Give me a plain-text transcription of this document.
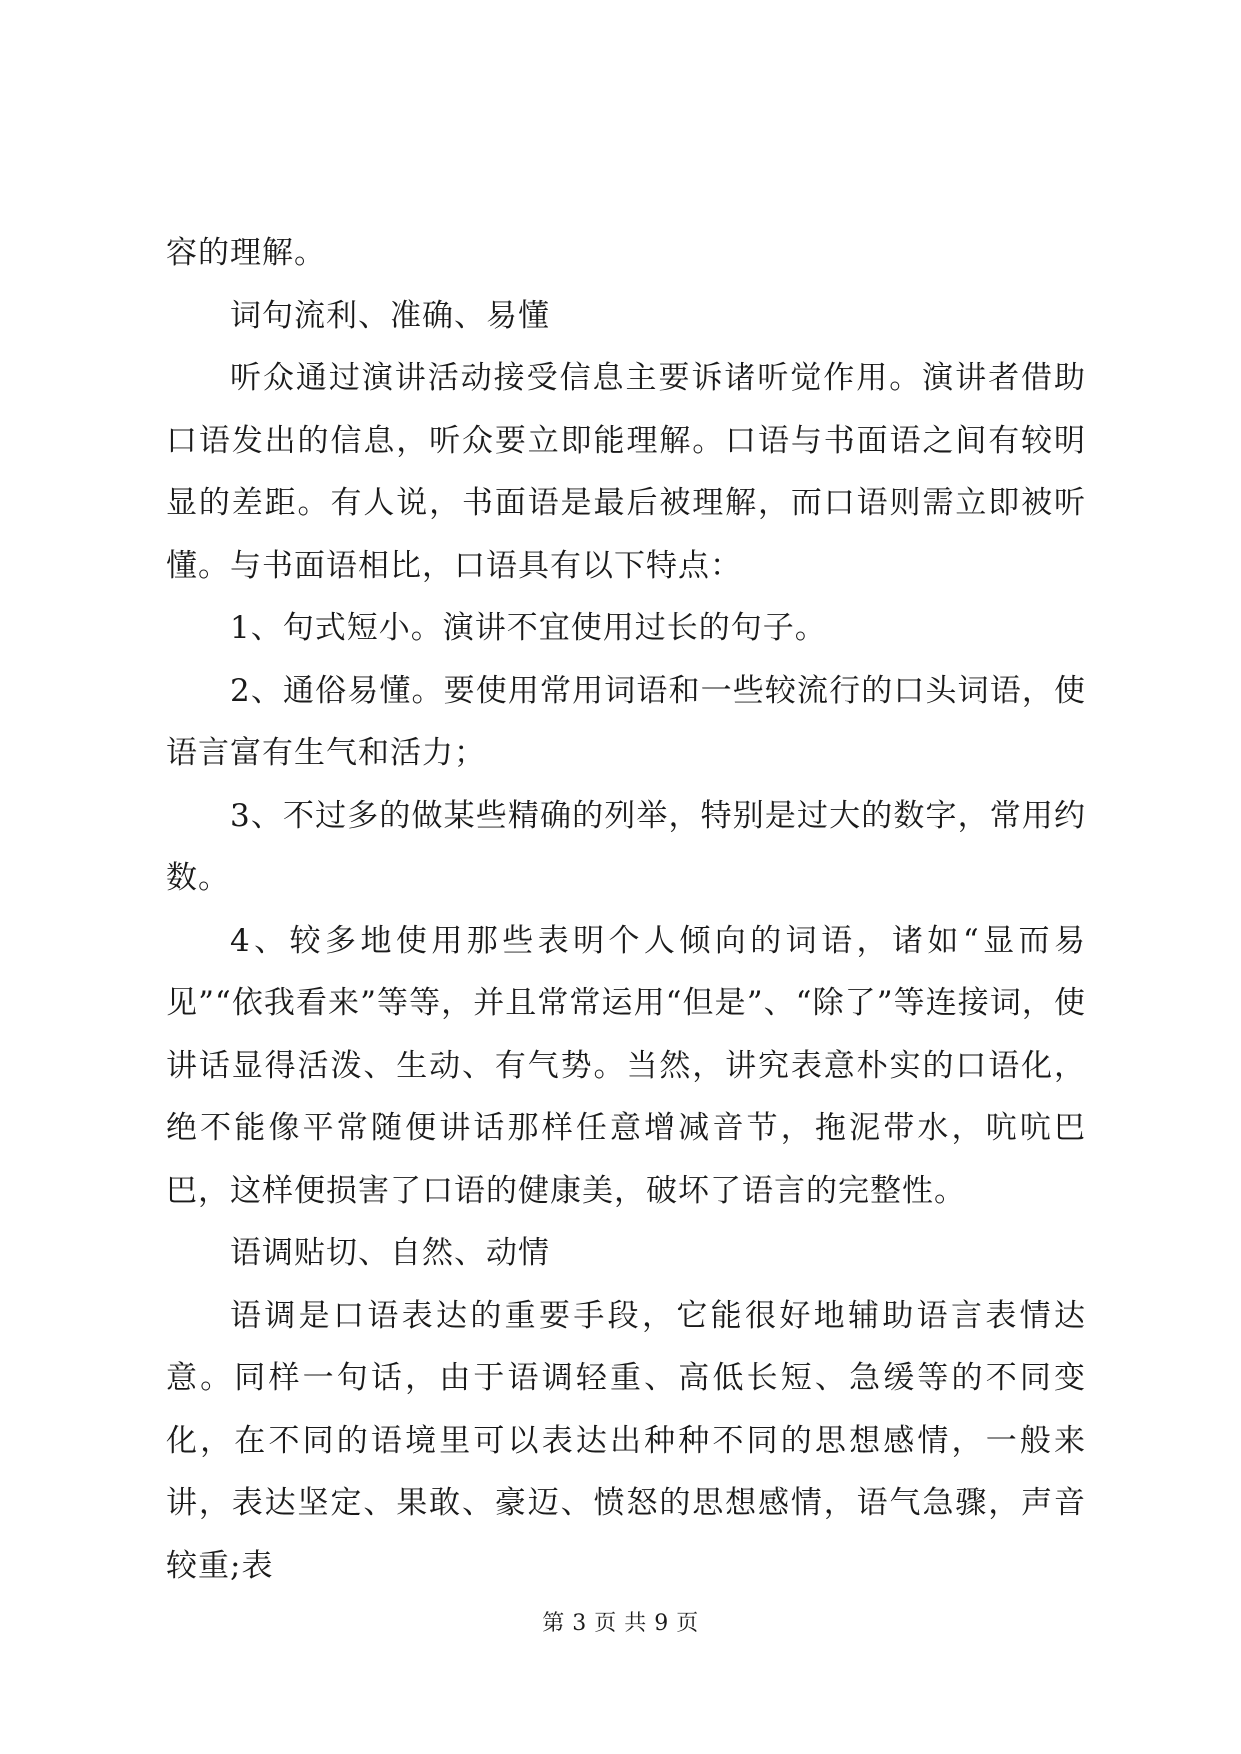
容的理解。

词句流利、准确、易懂

听众通过演讲活动接受信息主要诉诸听觉作用。演讲者借助口语发出的信息，听众要立即能理解。口语与书面语之间有较明显的差距。有人说，书面语是最后被理解，而口语则需立即被听懂。与书面语相比，口语具有以下特点：

1、句式短小。演讲不宜使用过长的句子。

2、通俗易懂。要使用常用词语和一些较流行的口头词语，使语言富有生气和活力；

3、不过多的做某些精确的列举，特别是过大的数字，常用约数。

4、较多地使用那些表明个人倾向的词语，诸如“显而易见”“依我看来”等等，并且常常运用“但是”、“除了”等连接词，使讲话显得活泼、生动、有气势。当然，讲究表意朴实的口语化，绝不能像平常随便讲话那样任意增减音节，拖泥带水，吭吭巴巴，这样便损害了口语的健康美，破坏了语言的完整性。

语调贴切、自然、动情

语调是口语表达的重要手段，它能很好地辅助语言表情达意。同样一句话，由于语调轻重、高低长短、急缓等的不同变化，在不同的语境里可以表达出种种不同的思想感情，一般来讲，表达坚定、果敢、豪迈、愤怒的思想感情，语气急骤，声音较重;表

第 3 页 共 9 页
